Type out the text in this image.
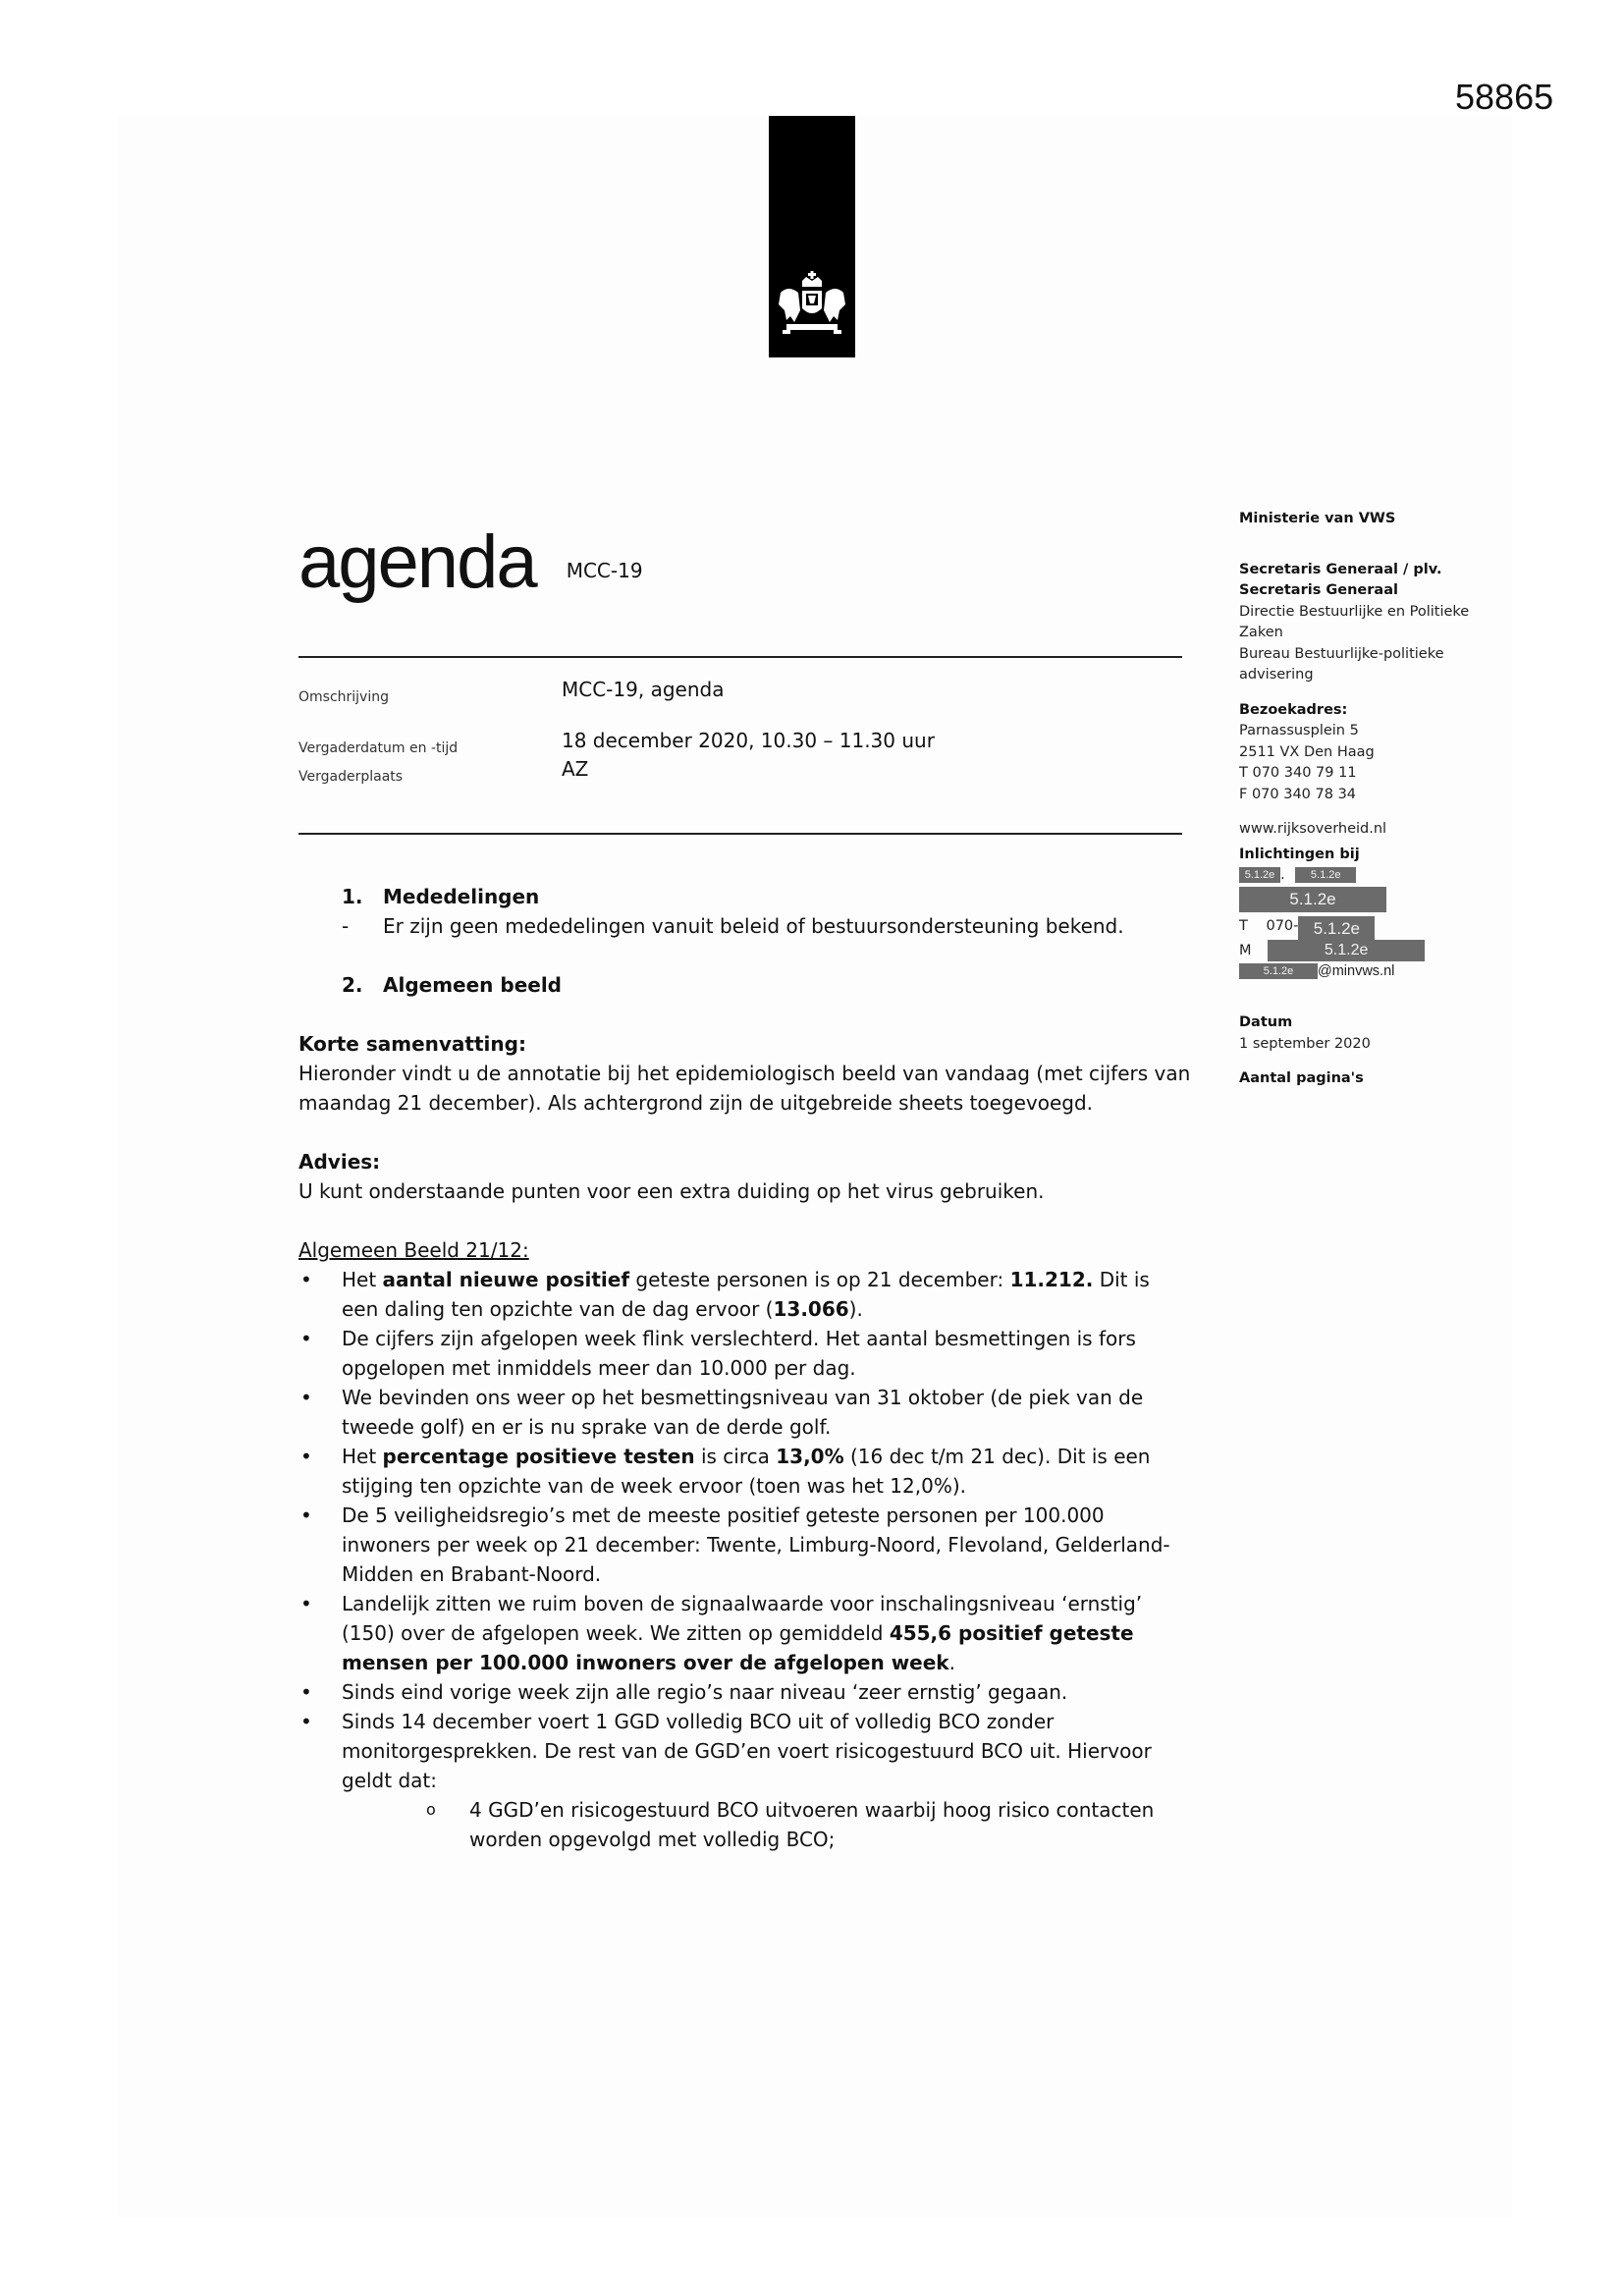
58865
agenda MCC-19
Omschrijving	MCC-19, agenda
Vergaderdatum en -tijd	18 december 2020, 10.30 – 11.30 uur
Vergaderplaats	AZ
Ministerie van VWS
Secretaris Generaal / plv.
Secretaris Generaal
Directie Bestuurlijke en Politieke
Zaken
Bureau Bestuurlijke-politieke
advisering
Bezoekadres:
Parnassusplein 5
2511 VX Den Haag
T 070 340 79 11
F 070 340 78 34
www.rijksoverheid.nl
Inlichtingen bij
5.1.2e . 5.1.2e
5.1.2e
T 070- 5.1.2e
M	5.1.2e
5.1.2e @minvws.nl
Datum
1 september 2020
Aantal pagina's
1. Mededelingen
- Er zijn geen mededelingen vanuit beleid of bestuursondersteuning bekend.
2. Algemeen beeld
Korte samenvatting:
Hieronder vindt u de annotatie bij het epidemiologisch beeld van vandaag (met cijfers van maandag 21 december). Als achtergrond zijn de uitgebreide sheets toegevoegd.
Advies:
U kunt onderstaande punten voor een extra duiding op het virus gebruiken.
Algemeen Beeld 21/12:
• Het aantal nieuwe positief geteste personen is op 21 december: 11.212. Dit is een daling ten opzichte van de dag ervoor (13.066).
• De cijfers zijn afgelopen week flink verslechterd. Het aantal besmettingen is fors opgelopen met inmiddels meer dan 10.000 per dag.
• We bevinden ons weer op het besmettingsniveau van 31 oktober (de piek van de tweede golf) en er is nu sprake van de derde golf.
• Het percentage positieve testen is circa 13,0% (16 dec t/m 21 dec). Dit is een stijging ten opzichte van de week ervoor (toen was het 12,0%).
• De 5 veiligheidsregio’s met de meeste positief geteste personen per 100.000 inwoners per week op 21 december: Twente, Limburg-Noord, Flevoland, Gelderland-Midden en Brabant-Noord.
• Landelijk zitten we ruim boven de signaalwaarde voor inschalingsniveau ‘ernstig’ (150) over de afgelopen week. We zitten op gemiddeld 455,6 positief geteste mensen per 100.000 inwoners over de afgelopen week.
• Sinds eind vorige week zijn alle regio’s naar niveau ‘zeer ernstig’ gegaan.
• Sinds 14 december voert 1 GGD volledig BCO uit of volledig BCO zonder monitorgesprekken. De rest van de GGD’en voert risicogestuurd BCO uit. Hiervoor geldt dat:
o 4 GGD’en risicogestuurd BCO uitvoeren waarbij hoog risico contacten worden opgevolgd met volledig BCO;
